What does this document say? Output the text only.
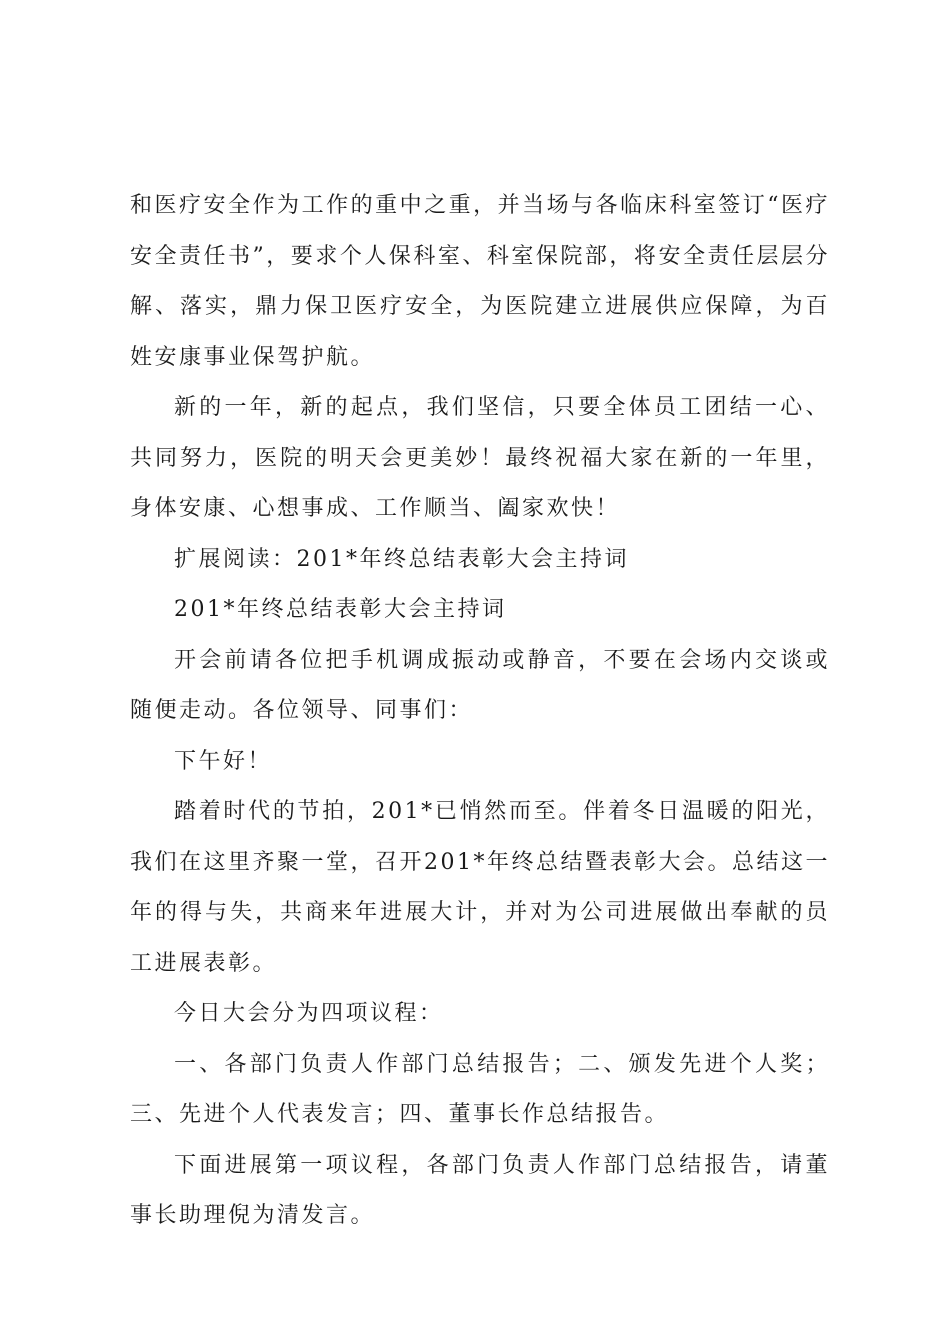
和医疗安全作为工作的重中之重，并当场与各临床科室签订“医疗安全责任书”，要求个人保科室、科室保院部，将安全责任层层分解、落实，鼎力保卫医疗安全，为医院建立进展供应保障，为百姓安康事业保驾护航。

新的一年，新的起点，我们坚信，只要全体员工团结一心、共同努力，医院的明天会更美妙！最终祝福大家在新的一年里，身体安康、心想事成、工作顺当、阖家欢快！

扩展阅读：201*年终总结表彰大会主持词

201*年终总结表彰大会主持词

开会前请各位把手机调成振动或静音，不要在会场内交谈或随便走动。各位领导、同事们：

下午好！

踏着时代的节拍，201*已悄然而至。伴着冬日温暖的阳光，我们在这里齐聚一堂，召开201*年终总结暨表彰大会。总结这一年的得与失，共商来年进展大计，并对为公司进展做出奉献的员工进展表彰。

今日大会分为四项议程：

一、各部门负责人作部门总结报告；二、颁发先进个人奖；三、先进个人代表发言；四、董事长作总结报告。

下面进展第一项议程，各部门负责人作部门总结报告，请董事长助理倪为清发言。
